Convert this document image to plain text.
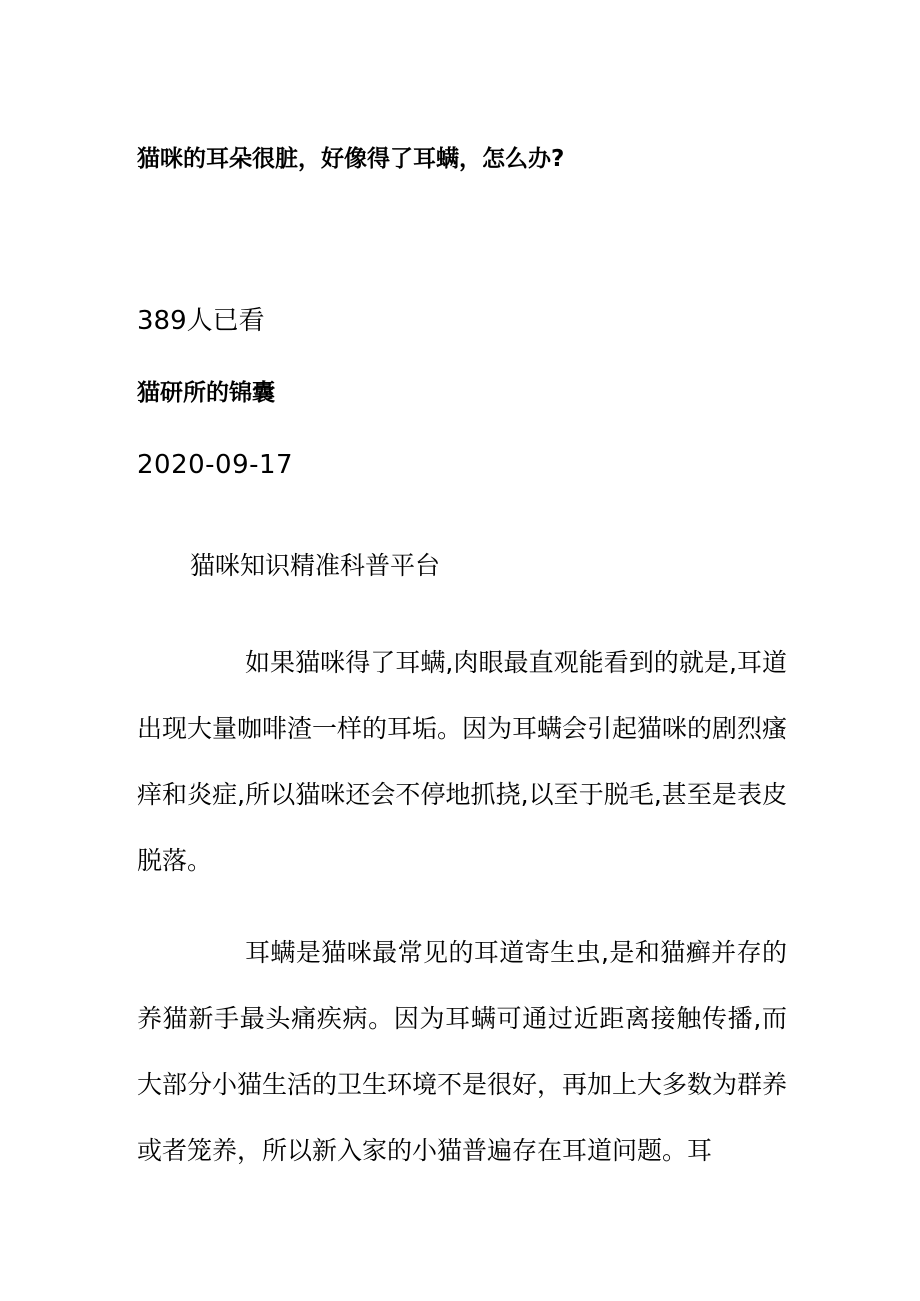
猫咪的耳朵很脏，好像得了耳螨，怎么办?
389人已看
猫研所的锦囊
2020-09-17
猫咪知识精准科普平台

如果猫咪得了耳螨,肉眼最直观能看到的就是,耳道出现大量咖啡渣一样的耳垢。因为耳螨会引起猫咪的剧烈瘙痒和炎症,所以猫咪还会不停地抓挠,以至于脱毛,甚至是表皮脱落。

耳螨是猫咪最常见的耳道寄生虫,是和猫癣并存的养猫新手最头痛疾病。因为耳螨可通过近距离接触传播,而大部分小猫生活的卫生环境不是很好，再加上大多数为群养或者笼养，所以新入家的小猫普遍存在耳道问题。耳
